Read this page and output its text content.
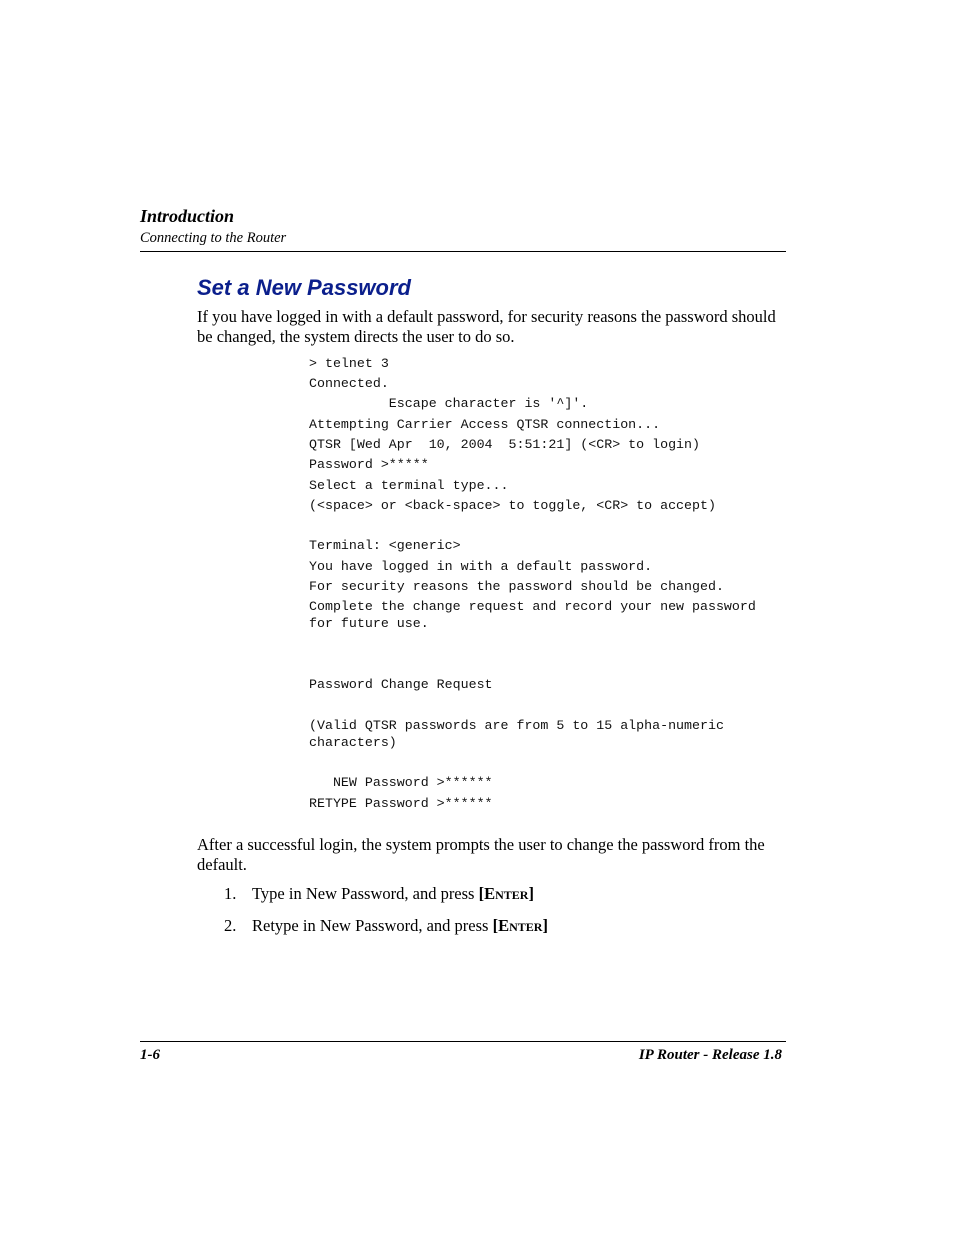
Introduction
Connecting to the Router
Set a New Password
If you have logged in with a default password, for security reasons the password should be changed, the system directs the user to do so.
> telnet 3
Connected.
Escape character is '^]'.
Attempting Carrier Access QTSR connection...
QTSR [Wed Apr  10, 2004  5:51:21] (<CR> to login)
Password >*****
Select a terminal type...
(<space> or <back-space> to toggle, <CR> to accept)
Terminal: <generic>
You have logged in with a default password.
For security reasons the password should be changed.
Complete the change request and record your new password
for future use.
Password Change Request
(Valid QTSR passwords are from 5 to 15 alpha-numeric
characters)
NEW Password >******
RETYPE Password >******
After a successful login, the system prompts the user to change the password from the default.
1. Type in New Password, and press [Enter]
2. Retype in New Password, and press [Enter]
1-6	IP Router - Release 1.8
